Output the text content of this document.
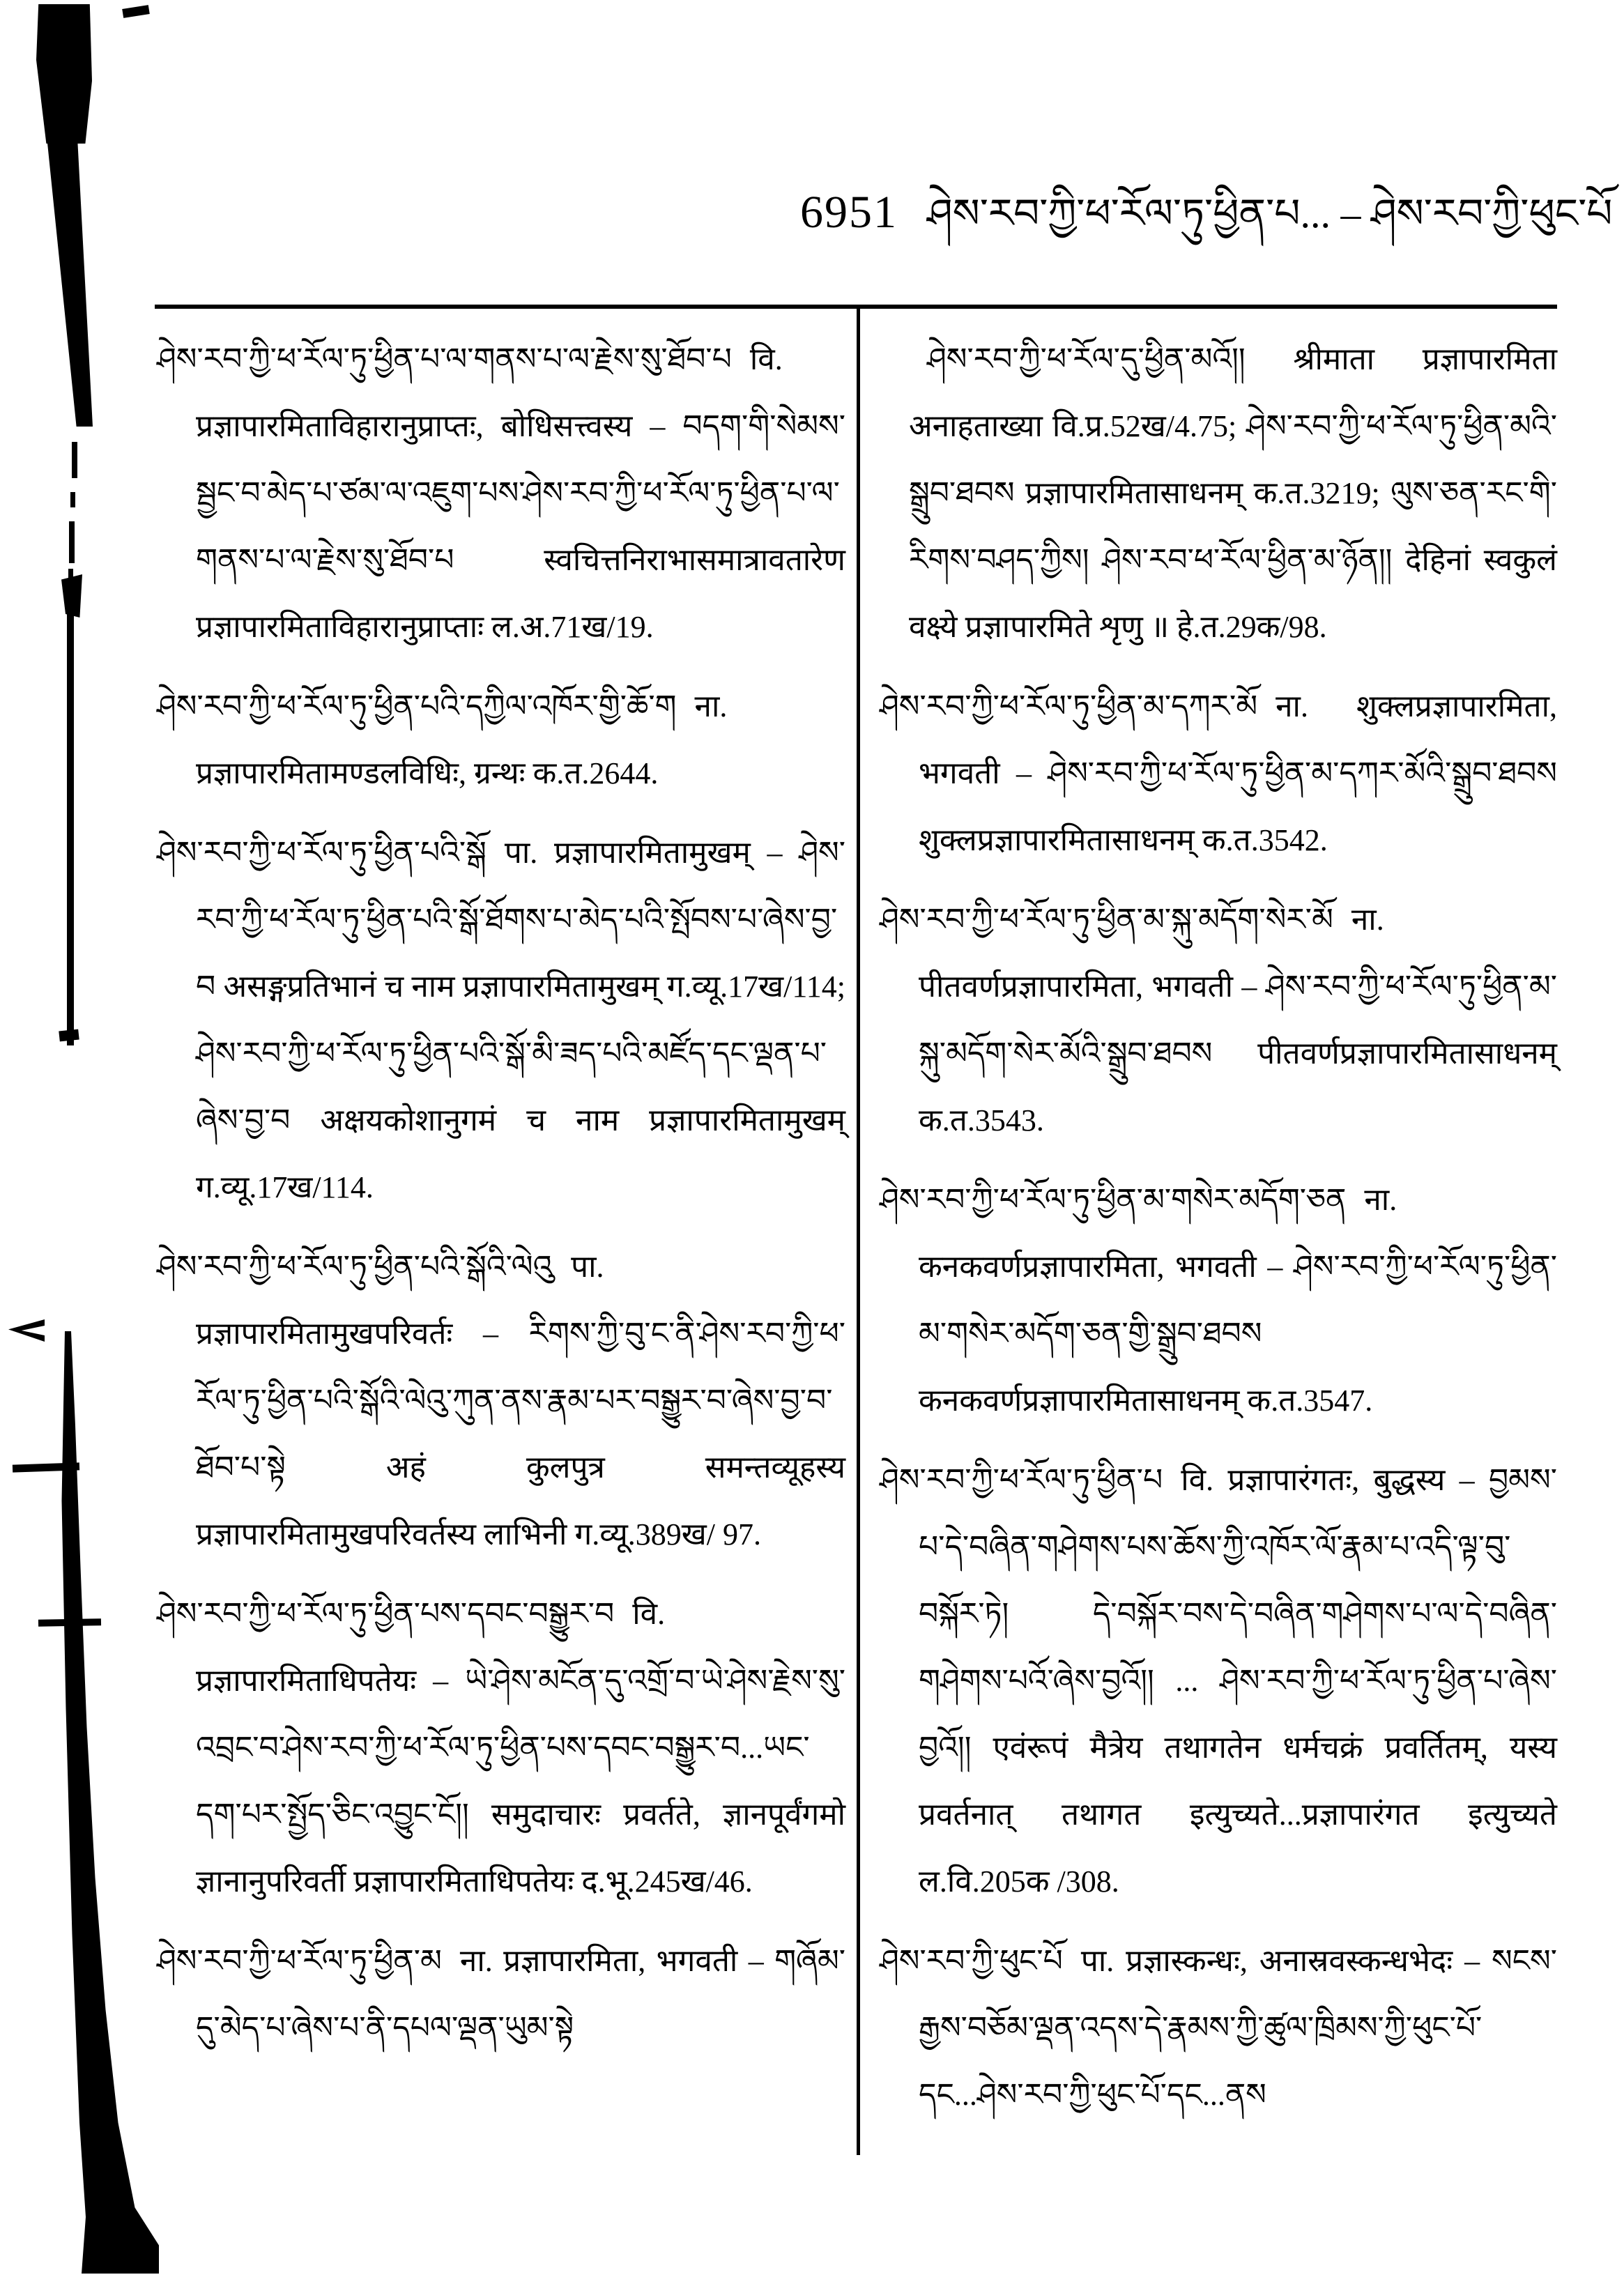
6951 ཤེས་རབ་ཀྱི་ཕ་རོལ་ཏུ་ཕྱིན་པ... – ཤེས་རབ་ཀྱི་ཕུང་པོ

ཤེས་རབ་ཀྱི་ཕ་རོལ་ཏུ་ཕྱིན་པ་ལ་གནས་པ་ལ་རྗེས་སུ་ཐོབ་པ वि. प्रज्ञापारमिताविहारानुप्राप्तः, बोधिसत्त्वस्य – བདག་གི་སེམས་སྦྱང་བ་མེད་པ་ཙམ་ལ་འཇུག་པས་ཤེས་རབ་ཀྱི་ཕ་རོལ་ཏུ་ཕྱིན་པ་ལ་གནས་པ་ལ་རྗེས་སུ་ཐོབ་པ स्वचित्तनिराभासमात्रावतारेण प्रज्ञापारमिताविहारानुप्राप्ताः ल.अ.71ख/19.

ཤེས་རབ་ཀྱི་ཕ་རོལ་ཏུ་ཕྱིན་པའི་དཀྱིལ་འཁོར་གྱི་ཆོ་ག ना. प्रज्ञापारमितामण्डलविधिः, ग्रन्थः क.त.2644.

ཤེས་རབ་ཀྱི་ཕ་རོལ་ཏུ་ཕྱིན་པའི་སྒོ पा. प्रज्ञापारमितामुखम् – ཤེས་རབ་ཀྱི་ཕ་རོལ་ཏུ་ཕྱིན་པའི་སྒོ་ཐོགས་པ་མེད་པའི་སྤོབས་པ་ཞེས་བྱ་བ असङ्गप्रतिभानं च नाम प्रज्ञापारमितामुखम् ग.व्यू.17ख/114; ཤེས་རབ་ཀྱི་ཕ་རོལ་ཏུ་ཕྱིན་པའི་སྒོ་མི་ཟད་པའི་མཛོད་དང་ལྡན་པ་ཞེས་བྱ་བ अक्षयकोशानुगमं च नाम प्रज्ञापारमितामुखम् ग.व्यू.17ख/114.

ཤེས་རབ་ཀྱི་ཕ་རོལ་ཏུ་ཕྱིན་པའི་སྒོའི་ལེའུ पा. प्रज्ञापारमितामुखपरिवर्तः – རིགས་ཀྱི་བུ་ང་ནི་ཤེས་རབ་ཀྱི་ཕ་རོལ་ཏུ་ཕྱིན་པའི་སྒོའི་ལེའུ་ཀུན་ནས་རྣམ་པར་བསྒྱུར་བ་ཞེས་བྱ་བ་ཐོབ་པ་སྟེ अहं कुलपुत्र समन्तव्यूहस्य प्रज्ञापारमितामुखपरिवर्तस्य लाभिनी ग.व्यू.389ख/ 97.

ཤེས་རབ་ཀྱི་ཕ་རོལ་ཏུ་ཕྱིན་པས་དབང་བསྒྱུར་བ वि. प्रज्ञापारमिताधिपतेयः – ཡེ་ཤེས་མངོན་དུ་འགྲོ་བ་ཡེ་ཤེས་རྗེས་སུ་འབྲང་བ་ཤེས་རབ་ཀྱི་ཕ་རོལ་ཏུ་ཕྱིན་པས་དབང་བསྒྱུར་བ...ཡང་དག་པར་སྤྱོད་ཅིང་འབྱུང་ངོ།། समुदाचारः प्रवर्तते, ज्ञानपूर्वंगमो ज्ञानानुपरिवर्ती प्रज्ञापारमिताधिपतेयः द.भू.245ख/46.

ཤེས་རབ་ཀྱི་ཕ་རོལ་ཏུ་ཕྱིན་མ ना. प्रज्ञापारमिता, भगवती – གཞོམ་དུ་མེད་པ་ཞེས་པ་ནི་དཔལ་ལྡན་ཡུམ་སྟེ

ཤེས་རབ་ཀྱི་ཕ་རོལ་དུ་ཕྱིན་མའོ།། श्रीमाता प्रज्ञापारमिता अनाहताख्या वि.प्र.52ख/4.75; ཤེས་རབ་ཀྱི་ཕ་རོལ་ཏུ་ཕྱིན་མའི་སྒྲུབ་ཐབས प्रज्ञापारमितासाधनम् क.त.3219; ལུས་ཅན་རང་གི་རིགས་བཤད་ཀྱིས། ཤེས་རབ་ཕ་རོལ་ཕྱིན་མ་ཉོན།། देहिनां स्वकुलं वक्ष्ये प्रज्ञापारमिते शृणु ॥ हे.त.29क/98.

ཤེས་རབ་ཀྱི་ཕ་རོལ་ཏུ་ཕྱིན་མ་དཀར་མོ ना. शुक्लप्रज्ञापारमिता, भगवती – ཤེས་རབ་ཀྱི་ཕ་རོལ་ཏུ་ཕྱིན་མ་དཀར་མོའི་སྒྲུབ་ཐབས शुक्लप्रज्ञापारमितासाधनम् क.त.3542.

ཤེས་རབ་ཀྱི་ཕ་རོལ་ཏུ་ཕྱིན་མ་སྐུ་མདོག་སེར་མོ ना. पीतवर्णप्रज्ञापारमिता, भगवती – ཤེས་རབ་ཀྱི་ཕ་རོལ་ཏུ་ཕྱིན་མ་སྐུ་མདོག་སེར་མོའི་སྒྲུབ་ཐབས पीतवर्णप्रज्ञापारमितासाधनम् क.त.3543.

ཤེས་རབ་ཀྱི་ཕ་རོལ་ཏུ་ཕྱིན་མ་གསེར་མདོག་ཅན ना. कनकवर्णप्रज्ञापारमिता, भगवती – ཤེས་རབ་ཀྱི་ཕ་རོལ་ཏུ་ཕྱིན་མ་གསེར་མདོག་ཅན་གྱི་སྒྲུབ་ཐབས कनकवर्णप्रज्ञापारमितासाधनम् क.त.3547.

ཤེས་རབ་ཀྱི་ཕ་རོལ་ཏུ་ཕྱིན་པ वि. प्रज्ञापारंगतः, बुद्धस्य – བྱམས་པ་དེ་བཞིན་གཤེགས་པས་ཆོས་ཀྱི་འཁོར་ལོ་རྣམ་པ་འདི་ལྟ་བུ་བསྐོར་ཏེ། དེ་བསྐོར་བས་དེ་བཞིན་གཤེགས་པ་ལ་དེ་བཞིན་གཤེགས་པའོ་ཞེས་བྱའོ།། ... ཤེས་རབ་ཀྱི་ཕ་རོལ་ཏུ་ཕྱིན་པ་ཞེས་བྱའོ།། एवंरूपं मैत्रेय तथागतेन धर्मचक्रं प्रवर्तितम्, यस्य प्रवर्तनात् तथागत इत्युच्यते...प्रज्ञापारंगत इत्युच्यते ल.वि.205क /308.

ཤེས་རབ་ཀྱི་ཕུང་པོ पा. प्रज्ञास्कन्धः, अनास्रवस्कन्धभेदः – སངས་རྒྱས་བཅོམ་ལྡན་འདས་དེ་རྣམས་ཀྱི་ཚུལ་ཁྲིམས་ཀྱི་ཕུང་པོ་དང...ཤེས་རབ་ཀྱི་ཕུང་པོ་དང...ནས
